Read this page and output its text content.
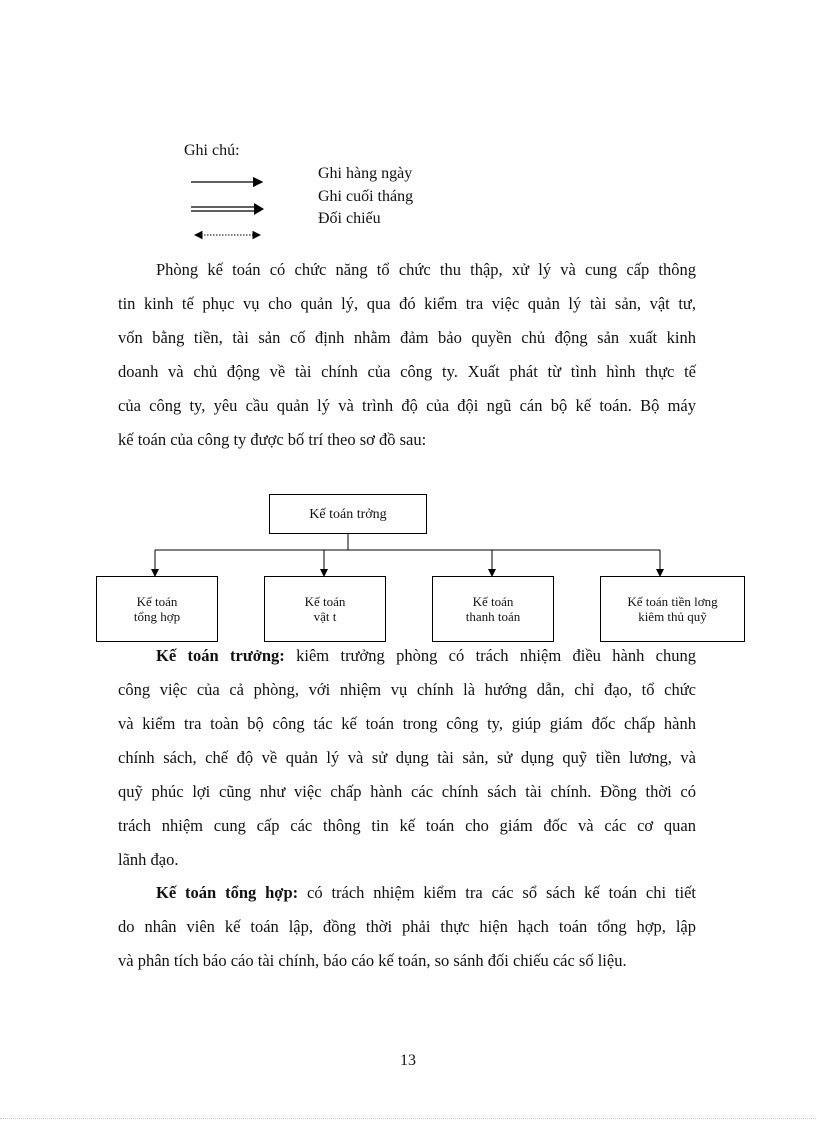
Ghi chú:
Ghi hàng ngày
Ghi cuối tháng
Đối chiếu
Phòng kế toán có chức năng tổ chức thu thập, xử lý và cung cấp thông
tin kinh tế phục vụ cho quản lý, qua đó kiểm tra việc quản lý tài sản, vật tư,
vốn bằng tiền, tài sản cố định nhằm đảm bảo quyền chủ động sản xuất kinh
doanh và chủ động về tài chính của công ty. Xuất phát từ tình hình thực tế
của công ty, yêu cầu quản lý và trình độ của đội ngũ cán bộ kế toán. Bộ máy
kế toán của công ty được bố trí theo sơ đồ sau:
Kế toán trởng
Kế toán
tổng hợp
Kế toán
vật t
Kế toán
thanh toán
Kế toán tiền lơng
kiêm thủ quỹ
Kế toán trưởng: kiêm trưởng phòng có trách nhiệm điều hành chung
công việc của cả phòng, với nhiệm vụ chính là hướng dẫn, chỉ đạo, tổ chức
và kiểm tra toàn bộ công tác kế toán trong công ty, giúp giám đốc chấp hành
chính sách, chế độ về quản lý và sử dụng tài sản, sử dụng quỹ tiền lương, và
quỹ phúc lợi cũng như việc chấp hành các chính sách tài chính. Đồng thời có
trách nhiệm cung cấp các thông tin kế toán cho giám đốc và các cơ quan
lãnh đạo.
Kế toán tổng hợp: có trách nhiệm kiểm tra các sổ sách kế toán chi tiết
do nhân viên kế toán lập, đồng thời phải thực hiện hạch toán tổng hợp, lập
và phân tích báo cáo tài chính, báo cáo kế toán, so sánh đối chiếu các số liệu.
13
